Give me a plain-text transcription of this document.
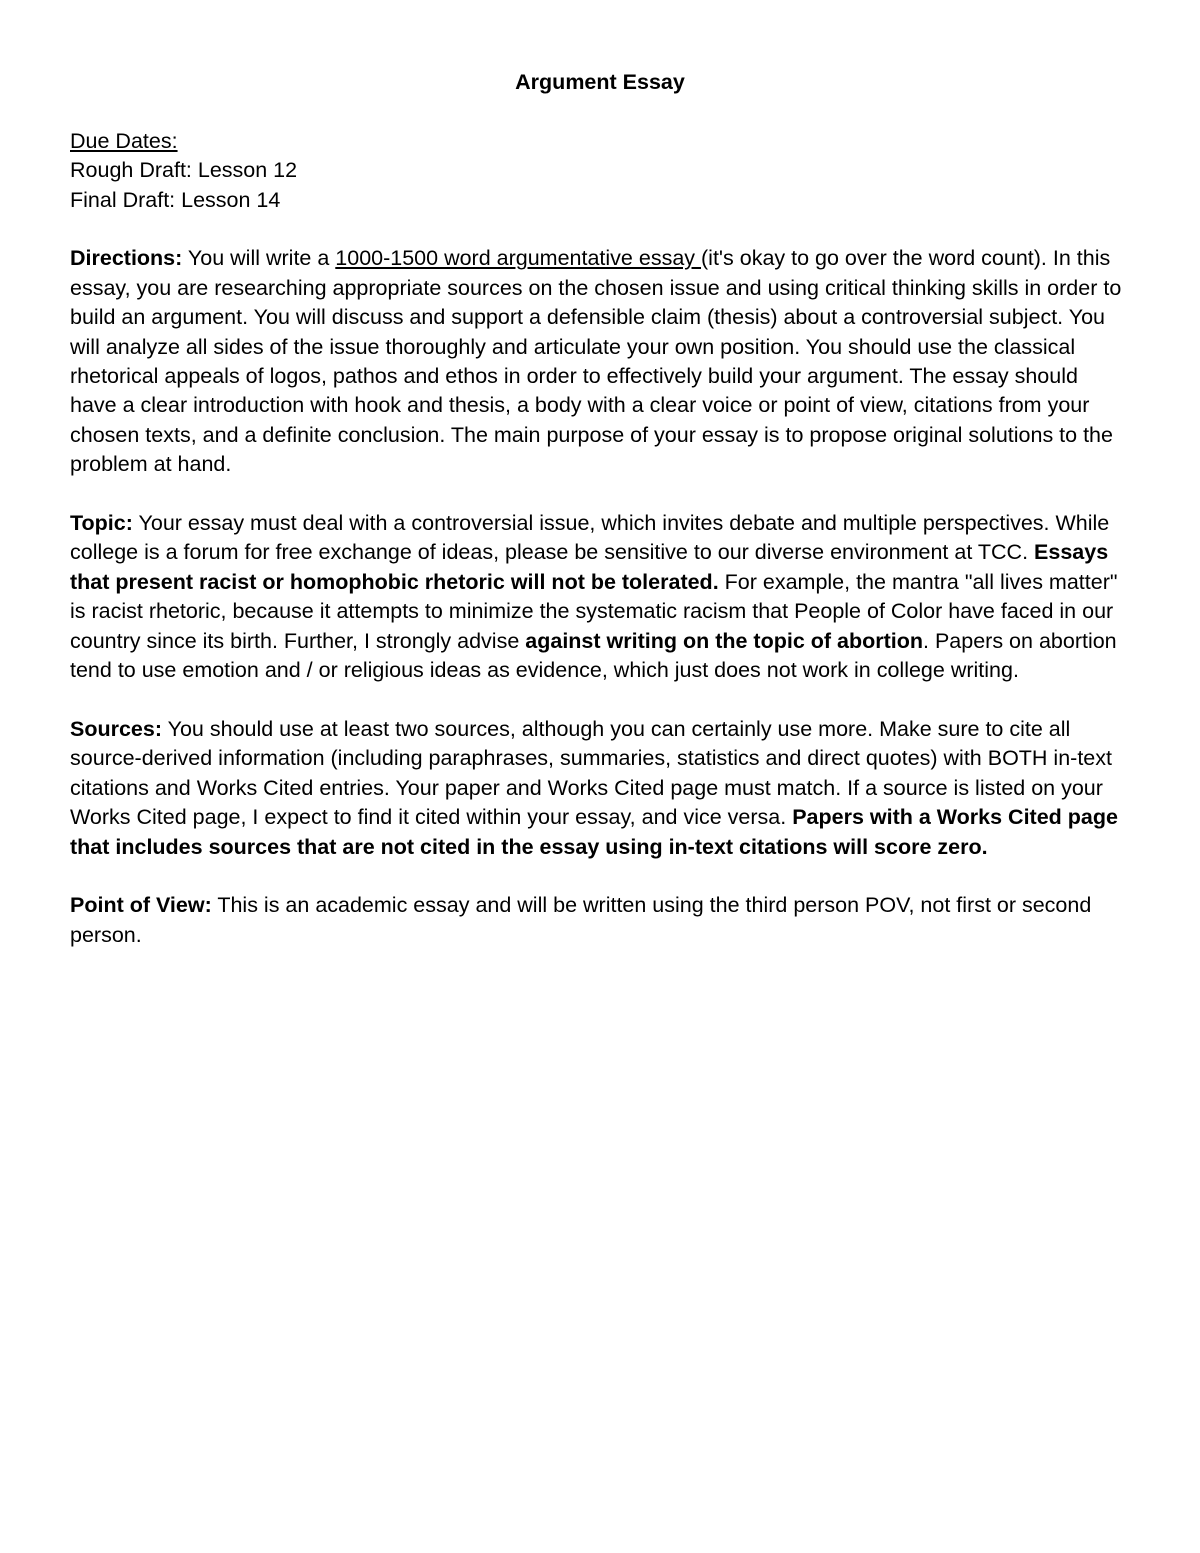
Argument Essay
Due Dates:
Rough Draft: Lesson 12
Final Draft: Lesson 14

Directions: You will write a 1000-1500 word argumentative essay (it's okay to go over the word count). In this essay, you are researching appropriate sources on the chosen issue and using critical thinking skills in order to build an argument. You will discuss and support a defensible claim (thesis) about a controversial subject. You will analyze all sides of the issue thoroughly and articulate your own position. You should use the classical rhetorical appeals of logos, pathos and ethos in order to effectively build your argument. The essay should have a clear introduction with hook and thesis, a body with a clear voice or point of view, citations from your chosen texts, and a definite conclusion. The main purpose of your essay is to propose original solutions to the problem at hand.

Topic: Your essay must deal with a controversial issue, which invites debate and multiple perspectives. While college is a forum for free exchange of ideas, please be sensitive to our diverse environment at TCC. Essays that present racist or homophobic rhetoric will not be tolerated. For example, the mantra "all lives matter" is racist rhetoric, because it attempts to minimize the systematic racism that People of Color have faced in our country since its birth. Further, I strongly advise against writing on the topic of abortion. Papers on abortion tend to use emotion and / or religious ideas as evidence, which just does not work in college writing.

Sources: You should use at least two sources, although you can certainly use more. Make sure to cite all source-derived information (including paraphrases, summaries, statistics and direct quotes) with BOTH in-text citations and Works Cited entries. Your paper and Works Cited page must match. If a source is listed on your Works Cited page, I expect to find it cited within your essay, and vice versa. Papers with a Works Cited page that includes sources that are not cited in the essay using in-text citations will score zero.

Point of View: This is an academic essay and will be written using the third person POV, not first or second person.
